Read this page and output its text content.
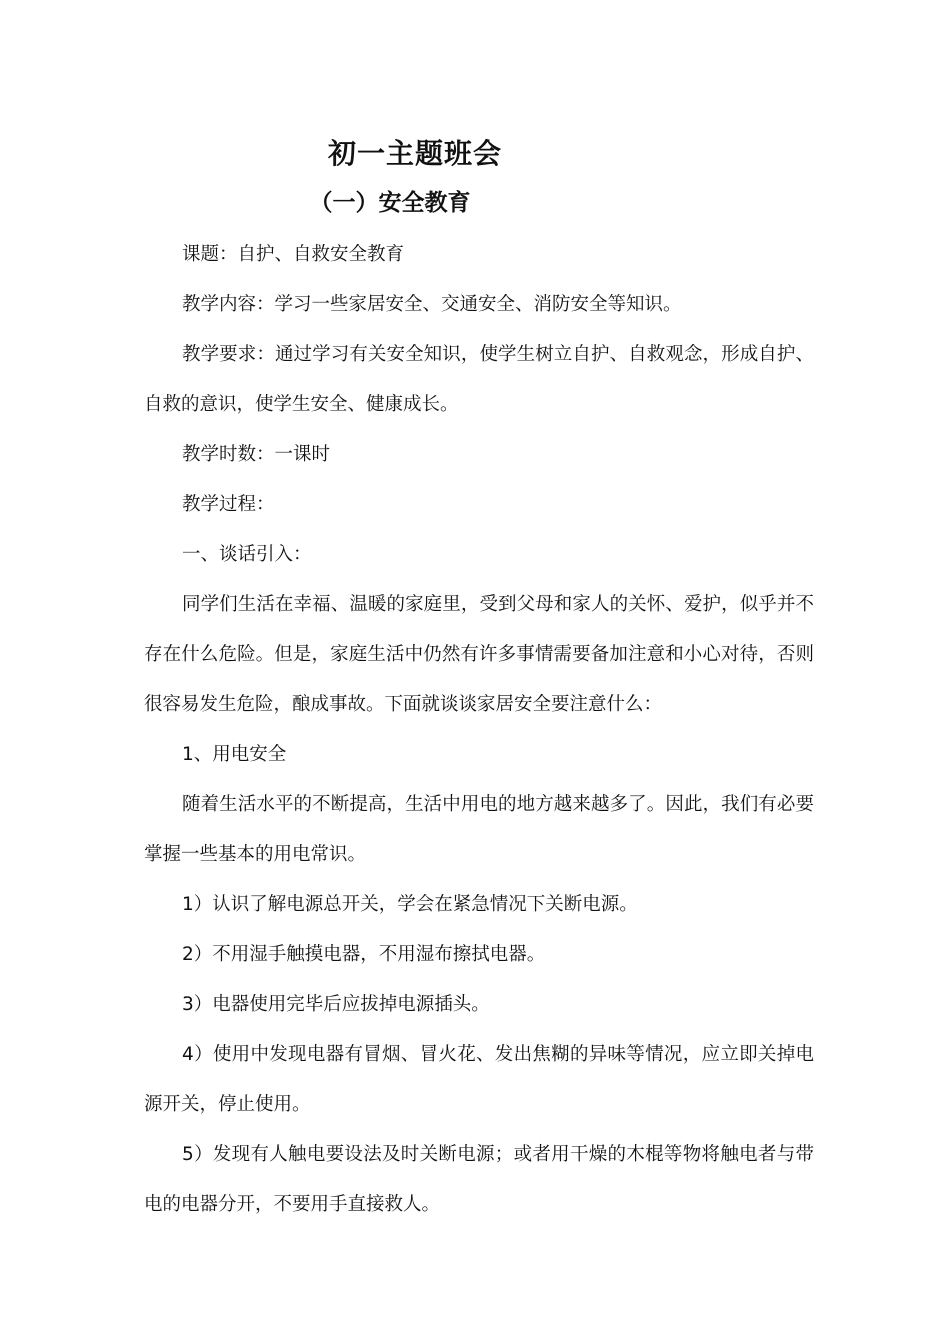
初一主题班会
（一）安全教育

课题：自护、自救安全教育

教学内容：学习一些家居安全、交通安全、消防安全等知识。

教学要求：通过学习有关安全知识，使学生树立自护、自救观念，形成自护、自救的意识，使学生安全、健康成长。

教学时数：一课时

教学过程：

一、谈话引入：

同学们生活在幸福、温暖的家庭里，受到父母和家人的关怀、爱护，似乎并不存在什么危险。但是，家庭生活中仍然有许多事情需要备加注意和小心对待，否则很容易发生危险，酿成事故。下面就谈谈家居安全要注意什么：

1、用电安全

随着生活水平的不断提高，生活中用电的地方越来越多了。因此，我们有必要掌握一些基本的用电常识。

1）认识了解电源总开关，学会在紧急情况下关断电源。

2）不用湿手触摸电器，不用湿布擦拭电器。

3）电器使用完毕后应拔掉电源插头。

4）使用中发现电器有冒烟、冒火花、发出焦糊的异味等情况，应立即关掉电源开关，停止使用。

5）发现有人触电要设法及时关断电源；或者用干燥的木棍等物将触电者与带电的电器分开，不要用手直接救人。
